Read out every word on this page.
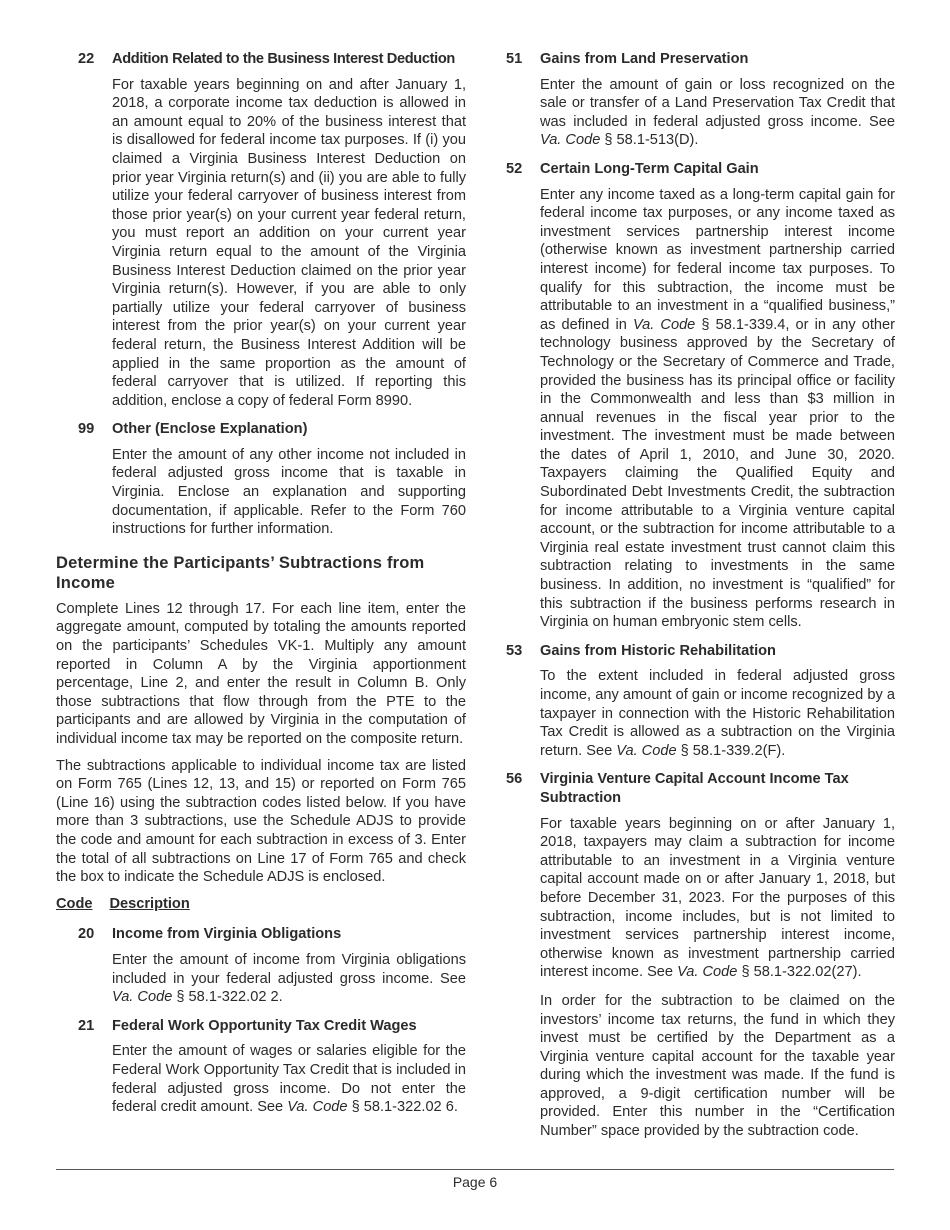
22	Addition Related to the Business Interest Deduction
For taxable years beginning on and after January 1, 2018, a corporate income tax deduction is allowed in an amount equal to 20% of the business interest that is disallowed for federal income tax purposes. If (i) you claimed a Virginia Business Interest Deduction on prior year Virginia return(s) and (ii) you are able to fully utilize your federal carryover of business interest from those prior year(s) on your current year federal return, you must report an addition on your current year Virginia return equal to the amount of the Virginia Business Interest Deduction claimed on the prior year Virginia return(s). However, if you are able to only partially utilize your federal carryover of business interest from the prior year(s) on your current year federal return, the Business Interest Addition will be applied in the same proportion as the amount of federal carryover that is utilized. If reporting this addition, enclose a copy of federal Form 8990.
99	Other (Enclose Explanation)
Enter the amount of any other income not included in federal adjusted gross income that is taxable in Virginia. Enclose an explanation and supporting documentation, if applicable. Refer to the Form 760 instructions for further information.
Determine the Participants’ Subtractions from Income
Complete Lines 12 through 17. For each line item, enter the aggregate amount, computed by totaling the amounts reported on the participants’ Schedules VK-1. Multiply any amount reported in Column A by the Virginia apportionment percentage, Line 2, and enter the result in Column B. Only those subtractions that flow through from the PTE to the participants and are allowed by Virginia in the computation of individual income tax may be reported on the composite return.
The subtractions applicable to individual income tax are listed on Form 765 (Lines 12, 13, and 15) or reported on Form 765 (Line 16) using the subtraction codes listed below. If you have more than 3 subtractions, use the Schedule ADJS to provide the code and amount for each subtraction in excess of 3. Enter the total of all subtractions on Line 17 of Form 765 and check the box to indicate the Schedule ADJS is enclosed.
Code Description
20	Income from Virginia Obligations
Enter the amount of income from Virginia obligations included in your federal adjusted gross income. See Va. Code § 58.1-322.02 2.
21	Federal Work Opportunity Tax Credit Wages
Enter the amount of wages or salaries eligible for the Federal Work Opportunity Tax Credit that is included in federal adjusted gross income. Do not enter the federal credit amount. See Va. Code § 58.1-322.02 6.
51	Gains from Land Preservation
Enter the amount of gain or loss recognized on the sale or transfer of a Land Preservation Tax Credit that was included in federal adjusted gross income. See Va. Code § 58.1-513(D).
52	Certain Long-Term Capital Gain
Enter any income taxed as a long-term capital gain for federal income tax purposes, or any income taxed as investment services partnership interest income (otherwise known as investment partnership carried interest income) for federal income tax purposes. To qualify for this subtraction, the income must be attributable to an investment in a “qualified business,” as defined in Va. Code § 58.1-339.4, or in any other technology business approved by the Secretary of Technology or the Secretary of Commerce and Trade, provided the business has its principal office or facility in the Commonwealth and less than $3 million in annual revenues in the fiscal year prior to the investment. The investment must be made between the dates of April 1, 2010, and June 30, 2020. Taxpayers claiming the Qualified Equity and Subordinated Debt Investments Credit, the subtraction for income attributable to a Virginia venture capital account, or the subtraction for income attributable to a Virginia real estate investment trust cannot claim this subtraction relating to investments in the same business. In addition, no investment is “qualified” for this subtraction if the business performs research in Virginia on human embryonic stem cells.
53	Gains from Historic Rehabilitation
To the extent included in federal adjusted gross income, any amount of gain or income recognized by a taxpayer in connection with the Historic Rehabilitation Tax Credit is allowed as a subtraction on the Virginia return. See Va. Code § 58.1-339.2(F).
56	Virginia Venture Capital Account Income Tax Subtraction
For taxable years beginning on or after January 1, 2018, taxpayers may claim a subtraction for income attributable to an investment in a Virginia venture capital account made on or after January 1, 2018, but before December 31, 2023. For the purposes of this subtraction, income includes, but is not limited to investment services partnership interest income, otherwise known as investment partnership carried interest income. See Va. Code § 58.1-322.02(27).
In order for the subtraction to be claimed on the investors’ income tax returns, the fund in which they invest must be certified by the Department as a Virginia venture capital account for the taxable year during which the investment was made. If the fund is approved, a 9-digit certification number will be provided. Enter this number in the “Certification Number” space provided by the subtraction code.
Page 6
